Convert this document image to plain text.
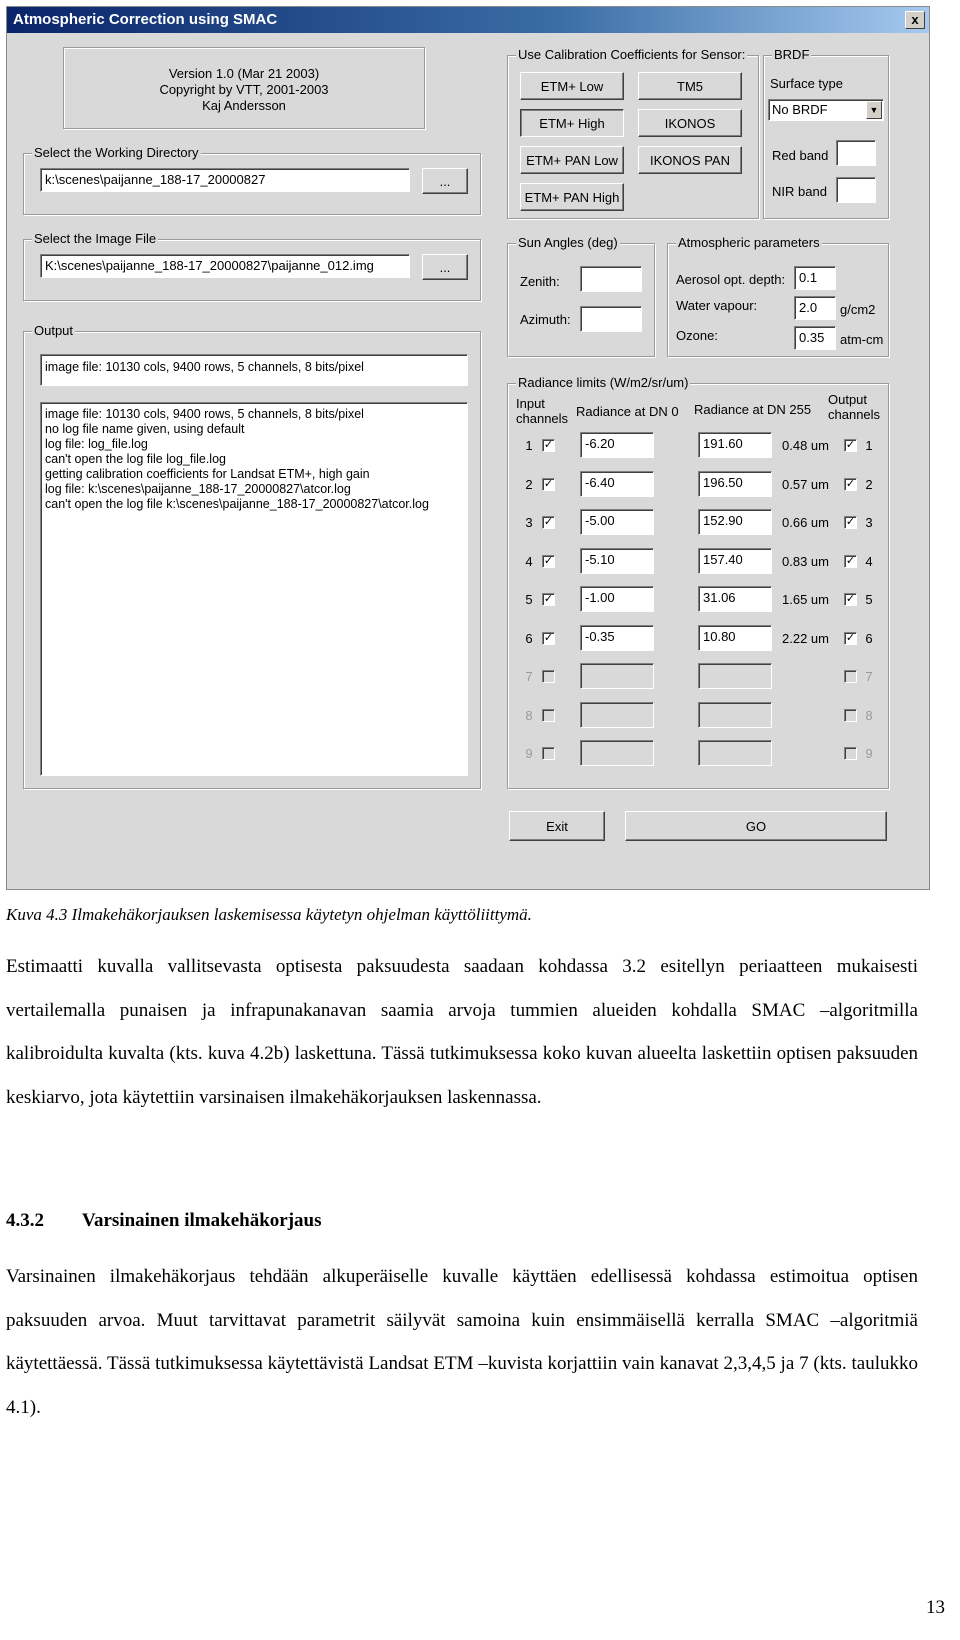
Atmospheric Correction using SMAC	x
Version 1.0 (Mar 21 2003)
Copyright by VTT, 2001-2003
Kaj Andersson
Select the Working Directory
k:\scenes\paijanne_188-17_20000827	...
Select the Image File
K:\scenes\paijanne_188-17_20000827\paijanne_012.img	...
Output
image file: 10130 cols, 9400 rows, 5 channels, 8 bits/pixel
image file: 10130 cols, 9400 rows, 5 channels, 8 bits/pixel
no log file name given, using default
log file: log_file.log
can't open the log file log_file.log
getting calibration coefficients for Landsat ETM+, high gain
log file: k:\scenes\paijanne_188-17_20000827\atcor.log
can't open the log file k:\scenes\paijanne_188-17_20000827\atcor.log
Use Calibration Coefficients for Sensor:
ETM+ Low	TM5
ETM+ High	IKONOS
ETM+ PAN Low	IKONOS PAN
ETM+ PAN High
BRDF
Surface type
No BRDF	▼
Red band
NIR band
Sun Angles (deg)
Zenith:
Azimuth:
Atmospheric parameters
Aerosol opt. depth:	0.1
Water vapour:	2.0	g/cm2
Ozone:	0.35	atm-cm
Radiance limits (W/m2/sr/um)
Input
channels Radiance at DN 0 Radiance at DN 255
Output
channels
1	✓	-6.20	191.60	0.48 um ✓ 1
2	✓	-6.40	196.50	0.57 um ✓ 2
3	✓	-5.00	152.90	0.66 um ✓ 3
4	✓	-5.10	157.40	0.83 um ✓ 4
5	✓	-1.00	31.06	1.65 um ✓ 5
6	✓	-0.35	10.80	2.22 um ✓ 6
7	7
8	8
9	9
Exit	GO
Kuva 4.3 Ilmakehäkorjauksen laskemisessa käytetyn ohjelman käyttöliittymä.
Estimaatti kuvalla vallitsevasta optisesta paksuudesta saadaan kohdassa 3.2 esitellyn periaatteen mukaisesti vertailemalla punaisen ja infrapunakanavan saamia arvoja tummien alueiden kohdalla SMAC –algoritmilla kalibroidulta kuvalta (kts. kuva 4.2b) laskettuna. Tässä tutkimuksessa koko kuvan alueelta laskettiin optisen paksuuden keskiarvo, jota käytettiin varsinaisen ilmakehäkorjauksen laskennassa.
4.3.2 Varsinainen ilmakehäkorjaus
Varsinainen ilmakehäkorjaus tehdään alkuperäiselle kuvalle käyttäen edellisessä kohdassa estimoitua optisen paksuuden arvoa. Muut tarvittavat parametrit säilyvät samoina kuin ensimmäisellä kerralla SMAC –algoritmiä käytettäessä. Tässä tutkimuksessa käytettävistä Landsat ETM –kuvista korjattiin vain kanavat 2,3,4,5 ja 7 (kts. taulukko 4.1).
13
